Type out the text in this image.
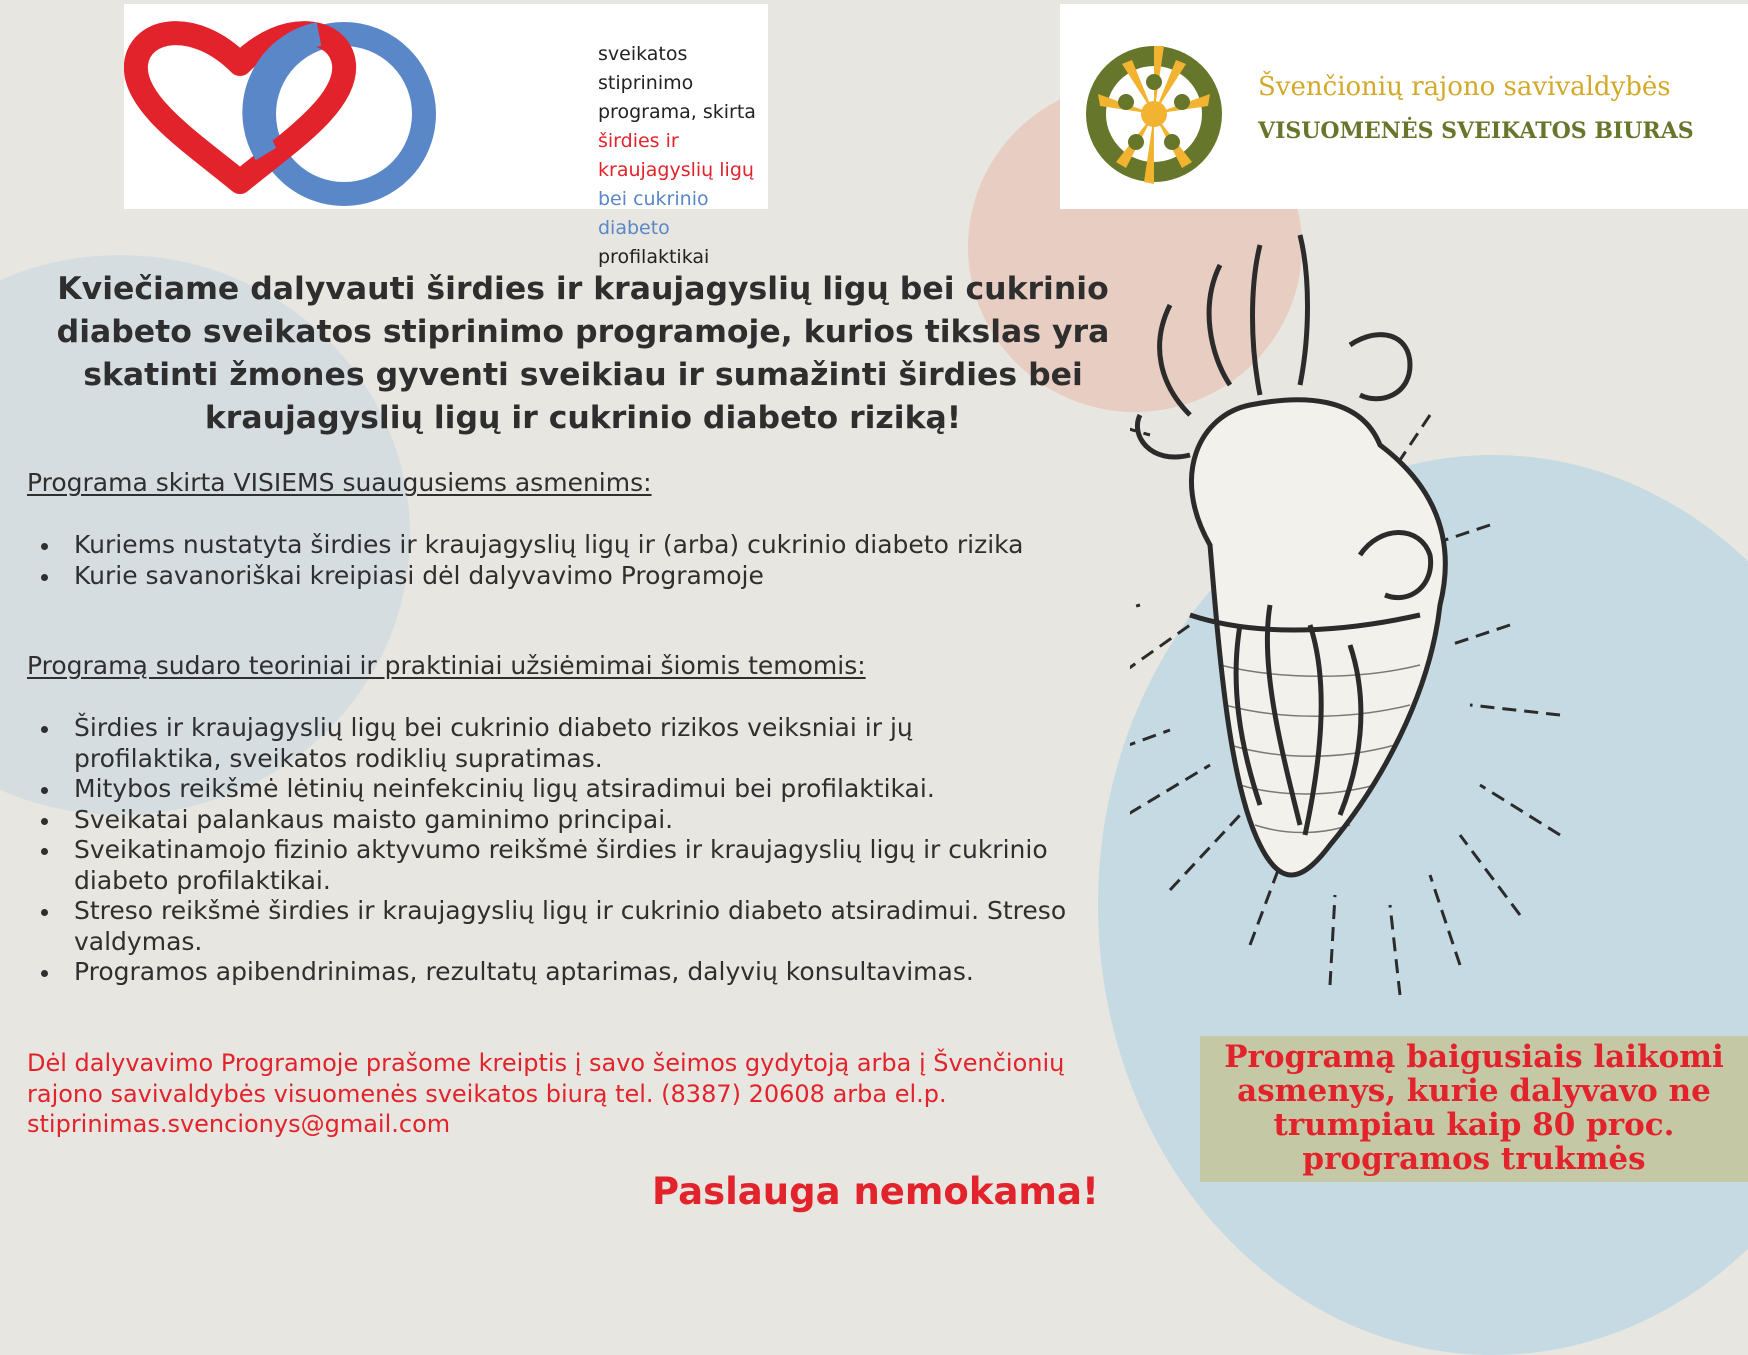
sveikatos stiprinimo
programa, skirta
širdies ir kraujagyslių ligų
bei cukrinio diabeto
profilaktikai
Švenčionių rajono savivaldybės
VISUOMENĖS SVEIKATOS BIURAS

Kviečiame dalyvauti širdies ir kraujagyslių ligų bei cukrinio diabeto sveikatos stiprinimo programoje, kurios tikslas yra skatinti žmones gyventi sveikiau ir sumažinti širdies bei kraujagyslių ligų ir cukrinio diabeto riziką!

Programa skirta VISIEMS suaugusiems asmenims:

Kuriems nustatyta širdies ir kraujagyslių ligų ir (arba) cukrinio diabeto rizika
Kurie savanoriškai kreipiasi dėl dalyvavimo Programoje

Programą sudaro teoriniai ir praktiniai užsiėmimai šiomis temomis:

Širdies ir kraujagyslių ligų bei cukrinio diabeto rizikos veiksniai ir jų profilaktika, sveikatos rodiklių supratimas.
Mitybos reikšmė lėtinių neinfekcinių ligų atsiradimui bei profilaktikai.
Sveikatai palankaus maisto gaminimo principai.
Sveikatinamojo fizinio aktyvumo reikšmė širdies ir kraujagyslių ligų ir cukrinio diabeto profilaktikai.
Streso reikšmė širdies ir kraujagyslių ligų ir cukrinio diabeto atsiradimui. Streso valdymas.
Programos apibendrinimas, rezultatų aptarimas, dalyvių konsultavimas.

Dėl dalyvavimo Programoje prašome kreiptis į savo šeimos gydytoją arba į Švenčionių rajono savivaldybės visuomenės sveikatos biurą tel. (8387) 20608 arba el.p. stiprinimas.svencionys@gmail.com

Paslauga nemokama!

Programą baigusiais laikomi asmenys, kurie dalyvavo ne trumpiau kaip 80 proc. programos trukmės
